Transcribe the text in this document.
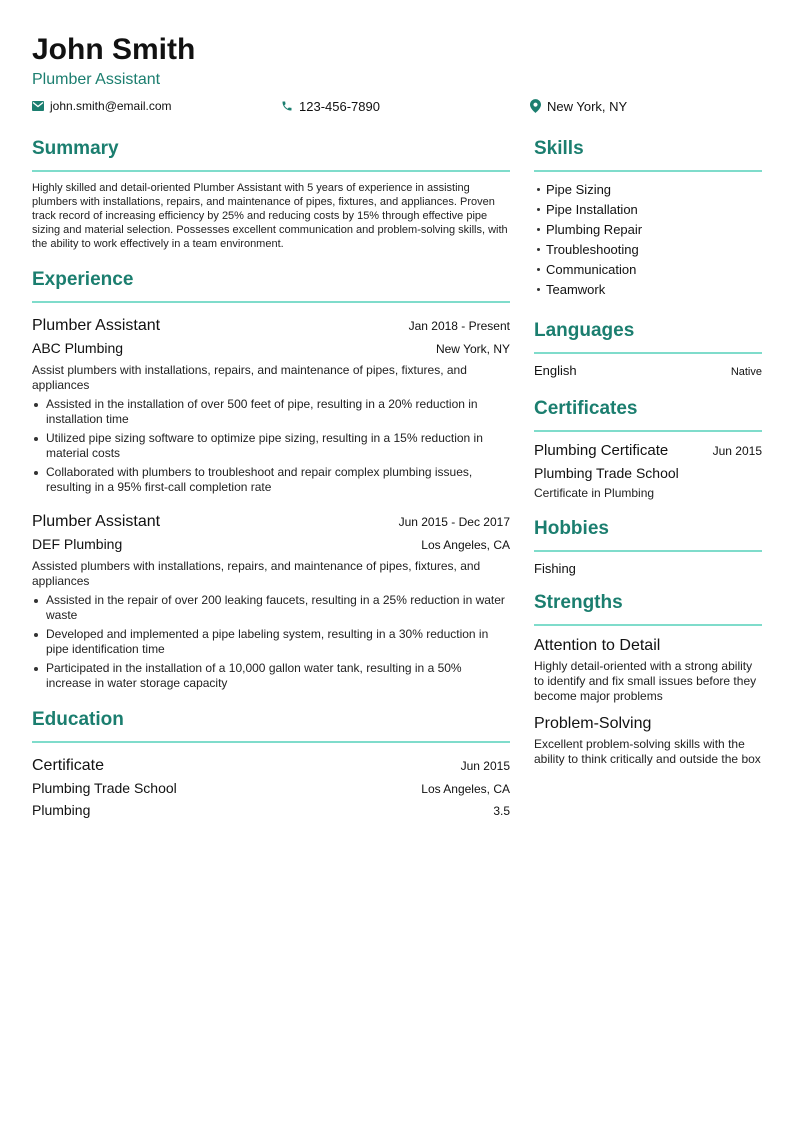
John Smith
Plumber Assistant
john.smith@email.com	123-456-7890	New York, NY
Summary

Highly skilled and detail-oriented Plumber Assistant with 5 years of experience in assisting plumbers with installations, repairs, and maintenance of pipes, fixtures, and appliances. Proven track record of increasing efficiency by 25% and reducing costs by 15% through effective pipe sizing and material selection. Possesses excellent communication and problem-solving skills, with the ability to work effectively in a team environment.

Experience
Plumber Assistant	Jan 2018 - Present
ABC Plumbing	New York, NY

Assist plumbers with installations, repairs, and maintenance of pipes, fixtures, and appliances

Assisted in the installation of over 500 feet of pipe, resulting in a 20% reduction in installation time
Utilized pipe sizing software to optimize pipe sizing, resulting in a 15% reduction in material costs
Collaborated with plumbers to troubleshoot and repair complex plumbing issues, resulting in a 95% first-call completion rate
Plumber Assistant	Jun 2015 - Dec 2017
DEF Plumbing	Los Angeles, CA

Assisted plumbers with installations, repairs, and maintenance of pipes, fixtures, and appliances

Assisted in the repair of over 200 leaking faucets, resulting in a 25% reduction in water waste
Developed and implemented a pipe labeling system, resulting in a 30% reduction in pipe identification time
Participated in the installation of a 10,000 gallon water tank, resulting in a 50% increase in water storage capacity
Education
Certificate	Jun 2015
Plumbing Trade School	Los Angeles, CA
Plumbing	3.5
Skills
Pipe Sizing
Pipe Installation
Plumbing Repair
Troubleshooting
Communication
Teamwork
Languages
English	Native
Certificates
Plumbing Certificate	Jun 2015
Plumbing Trade School
Certificate in Plumbing
Hobbies
Fishing
Strengths
Attention to Detail
Highly detail-oriented with a strong ability to identify and fix small issues before they become major problems
Problem-Solving
Excellent problem-solving skills with the ability to think critically and outside the box
